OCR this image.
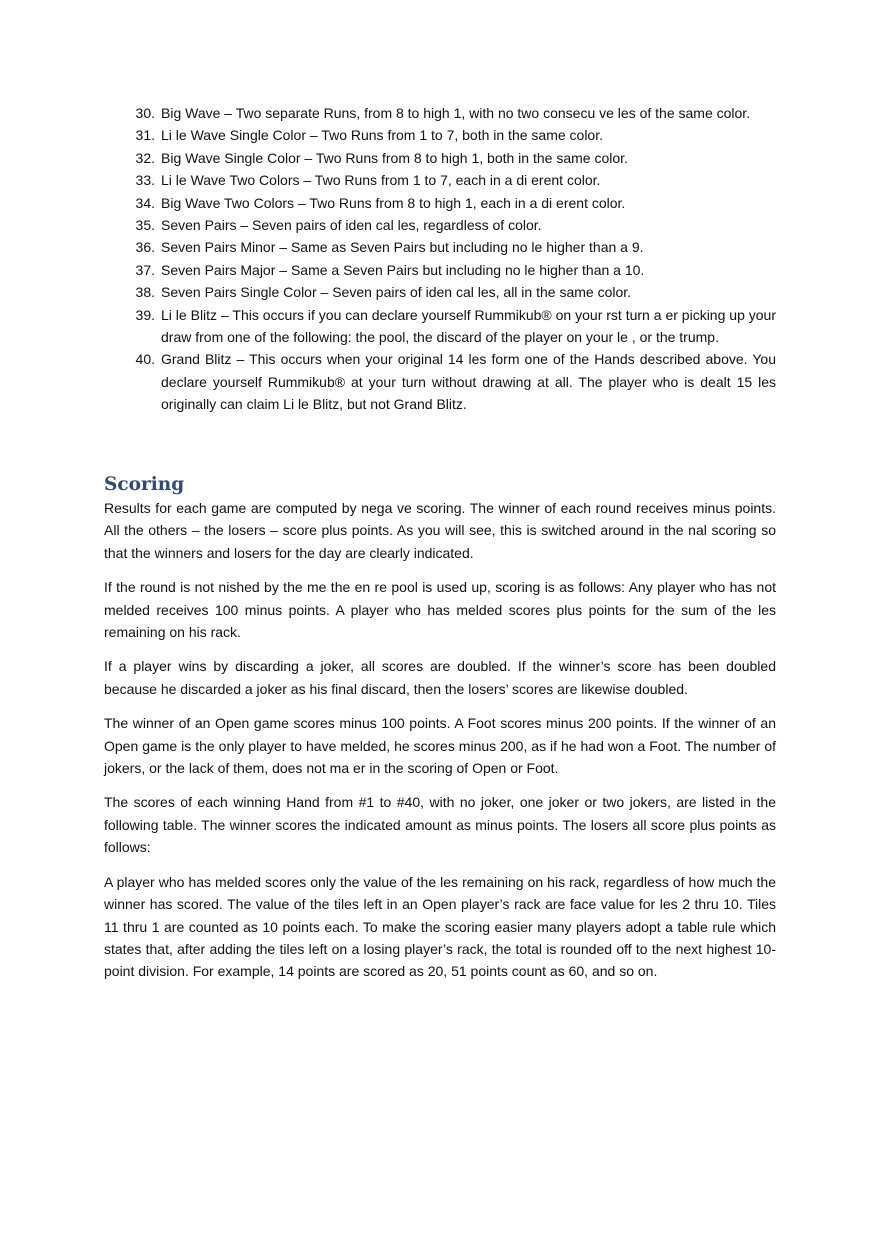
30. Big Wave – Two separate Runs, from 8 to high 1, with no two consecu ve les of the same color.
31. Li le Wave Single Color – Two Runs from 1 to 7, both in the same color.
32. Big Wave Single Color – Two Runs from 8 to high 1, both in the same color.
33. Li le Wave Two Colors – Two Runs from 1 to 7, each in a di erent color.
34. Big Wave Two Colors – Two Runs from 8 to high 1, each in a di erent color.
35. Seven Pairs – Seven pairs of iden cal les, regardless of color.
36. Seven Pairs Minor – Same as Seven Pairs but including no le higher than a 9.
37. Seven Pairs Major – Same a Seven Pairs but including no le higher than a 10.
38. Seven Pairs Single Color – Seven pairs of iden cal les, all in the same color.
39. Li le Blitz – This occurs if you can declare yourself Rummikub® on your rst turn a er picking up your draw from one of the following: the pool, the discard of the player on your le , or the trump.
40. Grand Blitz – This occurs when your original 14 les form one of the Hands described above. You declare yourself Rummikub® at your turn without drawing at all. The player who is dealt 15 les originally can claim Li le Blitz, but not Grand Blitz.
Scoring

Results for each game are computed by nega ve scoring. The winner of each round receives minus points. All the others – the losers – score plus points. As you will see, this is switched around in the nal scoring so that the winners and losers for the day are clearly indicated.

If the round is not nished by the me the en re pool is used up, scoring is as follows: Any player who has not melded receives 100 minus points. A player who has melded scores plus points for the sum of the les remaining on his rack.

If a player wins by discarding a joker, all scores are doubled. If the winner’s score has been doubled because he discarded a joker as his final discard, then the losers’ scores are likewise doubled.

The winner of an Open game scores minus 100 points. A Foot scores minus 200 points. If the winner of an Open game is the only player to have melded, he scores minus 200, as if he had won a Foot. The number of jokers, or the lack of them, does not ma er in the scoring of Open or Foot.

The scores of each winning Hand from #1 to #40, with no joker, one joker or two jokers, are listed in the following table. The winner scores the indicated amount as minus points. The losers all score plus points as follows:

A player who has melded scores only the value of the les remaining on his rack, regardless of how much the winner has scored. The value of the tiles left in an Open player’s rack are face value for les 2 thru 10. Tiles 11 thru 1 are counted as 10 points each. To make the scoring easier many players adopt a table rule which states that, after adding the tiles left on a losing player’s rack, the total is rounded off to the next highest 10-point division. For example, 14 points are scored as 20, 51 points count as 60, and so on.
